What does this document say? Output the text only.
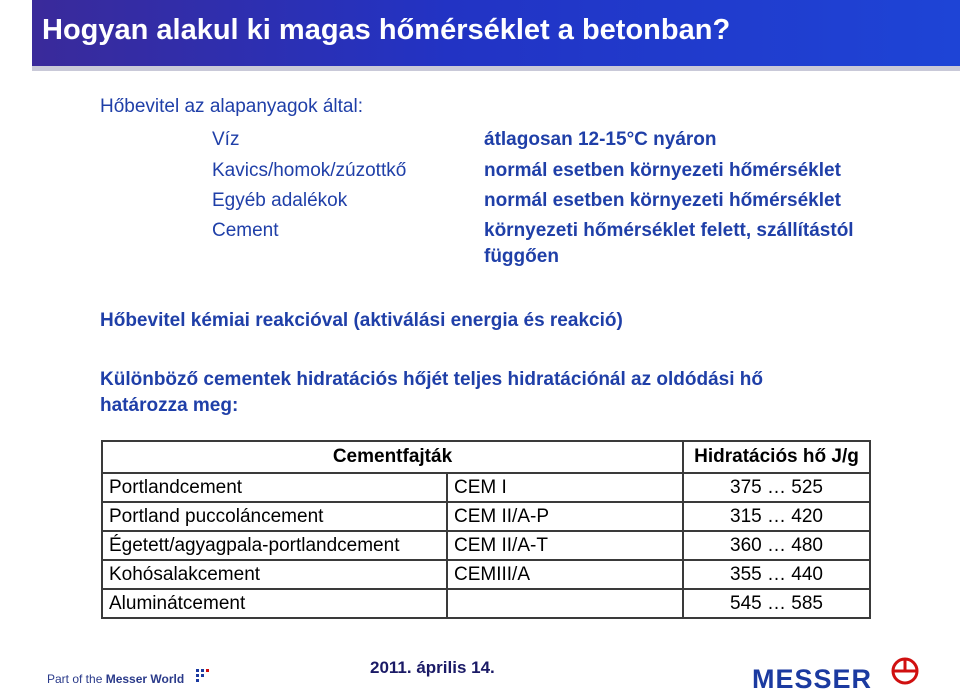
Hogyan alakul ki magas hőmérséklet a betonban?
Hőbevitel az alapanyagok által:
Víz	átlagosan 12-15°C nyáron
Kavics/homok/zúzottkő	normál esetben környezeti hőmérséklet
Egyéb adalékok	normál esetben környezeti hőmérséklet
Cement	környezeti hőmérséklet felett, szállítástól
függően
Hőbevitel kémiai reakcióval (aktiválási energia és reakció)
Különböző cementek hidratációs hőjét teljes hidratációnál az oldódási hő
határozza meg:
Cementfajták		Hidratációs hő J/g
Portlandcement	CEM I	375 … 525
Portland puccoláncement	CEM II/A-P	315 … 420
Égetett/agyagpala-portlandcement	CEM II/A-T	360 … 480
Kohósalakcement	CEMIII/A	355 … 440
Aluminátcement		545 … 585
Part of the Messer World
2011. április 14.	MESSER
